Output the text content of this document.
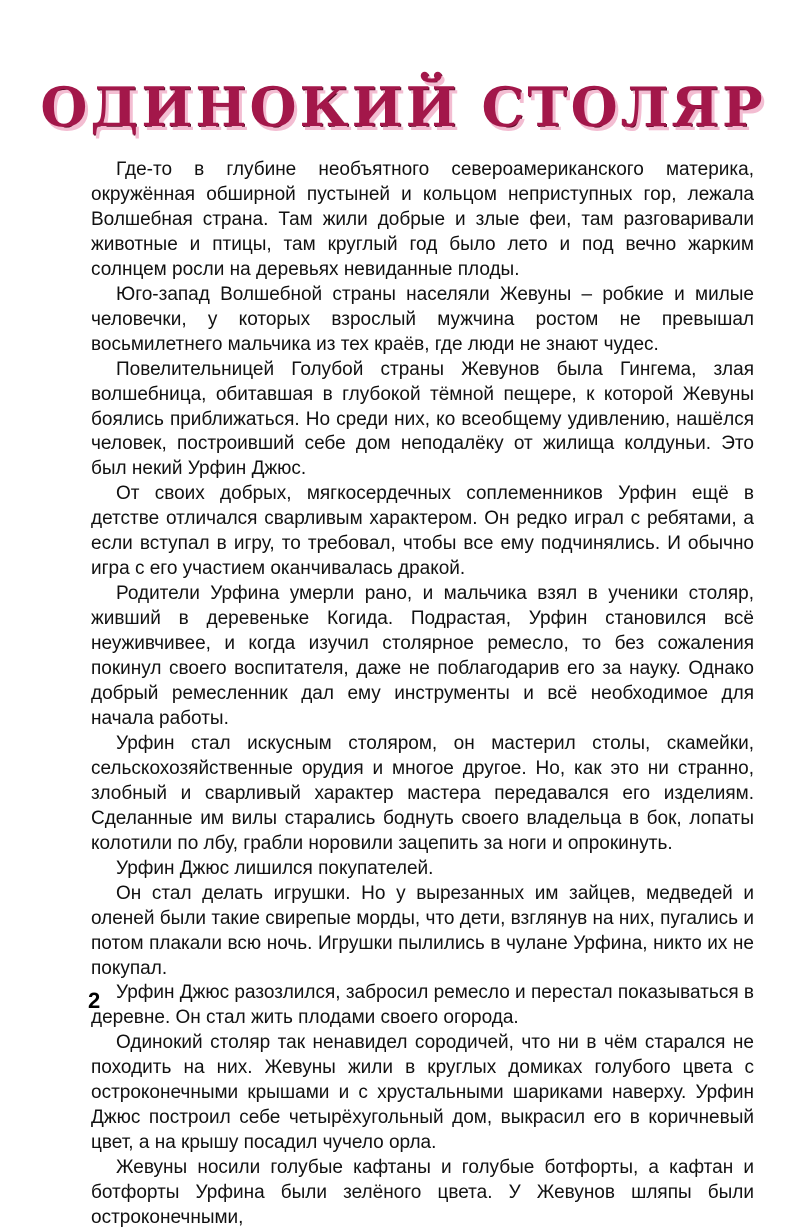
ОДИНОКИЙ СТОЛЯР

Где-то в глубине необъятного североамериканского материка, окружённая обширной пустыней и кольцом неприступных гор, лежала Волшебная страна. Там жили добрые и злые феи, там разговаривали животные и птицы, там круглый год было лето и под вечно жарким солнцем росли на деревьях невиданные плоды.

Юго-запад Волшебной страны населяли Жевуны – робкие и милые человечки, у которых взрослый мужчина ростом не превышал восьмилетнего мальчика из тех краёв, где люди не знают чудес.

Повелительницей Голубой страны Жевунов была Гингема, злая волшебница, обитавшая в глубокой тёмной пещере, к которой Жевуны боялись приближаться. Но среди них, ко всеобщему удивлению, нашёлся человек, построивший себе дом неподалёку от жилища колдуньи. Это был некий Урфин Джюс.

От своих добрых, мягкосердечных соплеменников Урфин ещё в детстве отличался сварливым характером. Он редко играл с ребятами, а если вступал в игру, то требовал, чтобы все ему подчинялись. И обычно игра с его участием оканчивалась дракой.

Родители Урфина умерли рано, и мальчика взял в ученики столяр, живший в деревеньке Когида. Подрастая, Урфин становился всё неуживчивее, и когда изучил столярное ремесло, то без сожаления покинул своего воспитателя, даже не поблагодарив его за науку. Однако добрый ремесленник дал ему инструменты и всё необходимое для начала работы.

Урфин стал искусным столяром, он мастерил столы, скамейки, сельскохозяйственные орудия и многое другое. Но, как это ни странно, злобный и сварливый характер мастера передавался его изделиям. Сделанные им вилы старались боднуть своего владельца в бок, лопаты колотили по лбу, грабли норовили зацепить за ноги и опрокинуть.

Урфин Джюс лишился покупателей.

Он стал делать игрушки. Но у вырезанных им зайцев, медведей и оленей были такие свирепые морды, что дети, взглянув на них, пугались и потом плакали всю ночь. Игрушки пылились в чулане Урфина, никто их не покупал.

Урфин Джюс разозлился, забросил ремесло и перестал показываться в деревне. Он стал жить плодами своего огорода.

Одинокий столяр так ненавидел сородичей, что ни в чём старался не походить на них. Жевуны жили в круглых домиках голубого цвета с остроконечными крышами и с хрустальными шариками наверху. Урфин Джюс построил себе четырёхугольный дом, выкрасил его в коричневый цвет, а на крышу посадил чучело орла.

Жевуны носили голубые кафтаны и голубые ботфорты, а кафтан и ботфорты Урфина были зелёного цвета. У Жевунов шляпы были остроконечными,

2
